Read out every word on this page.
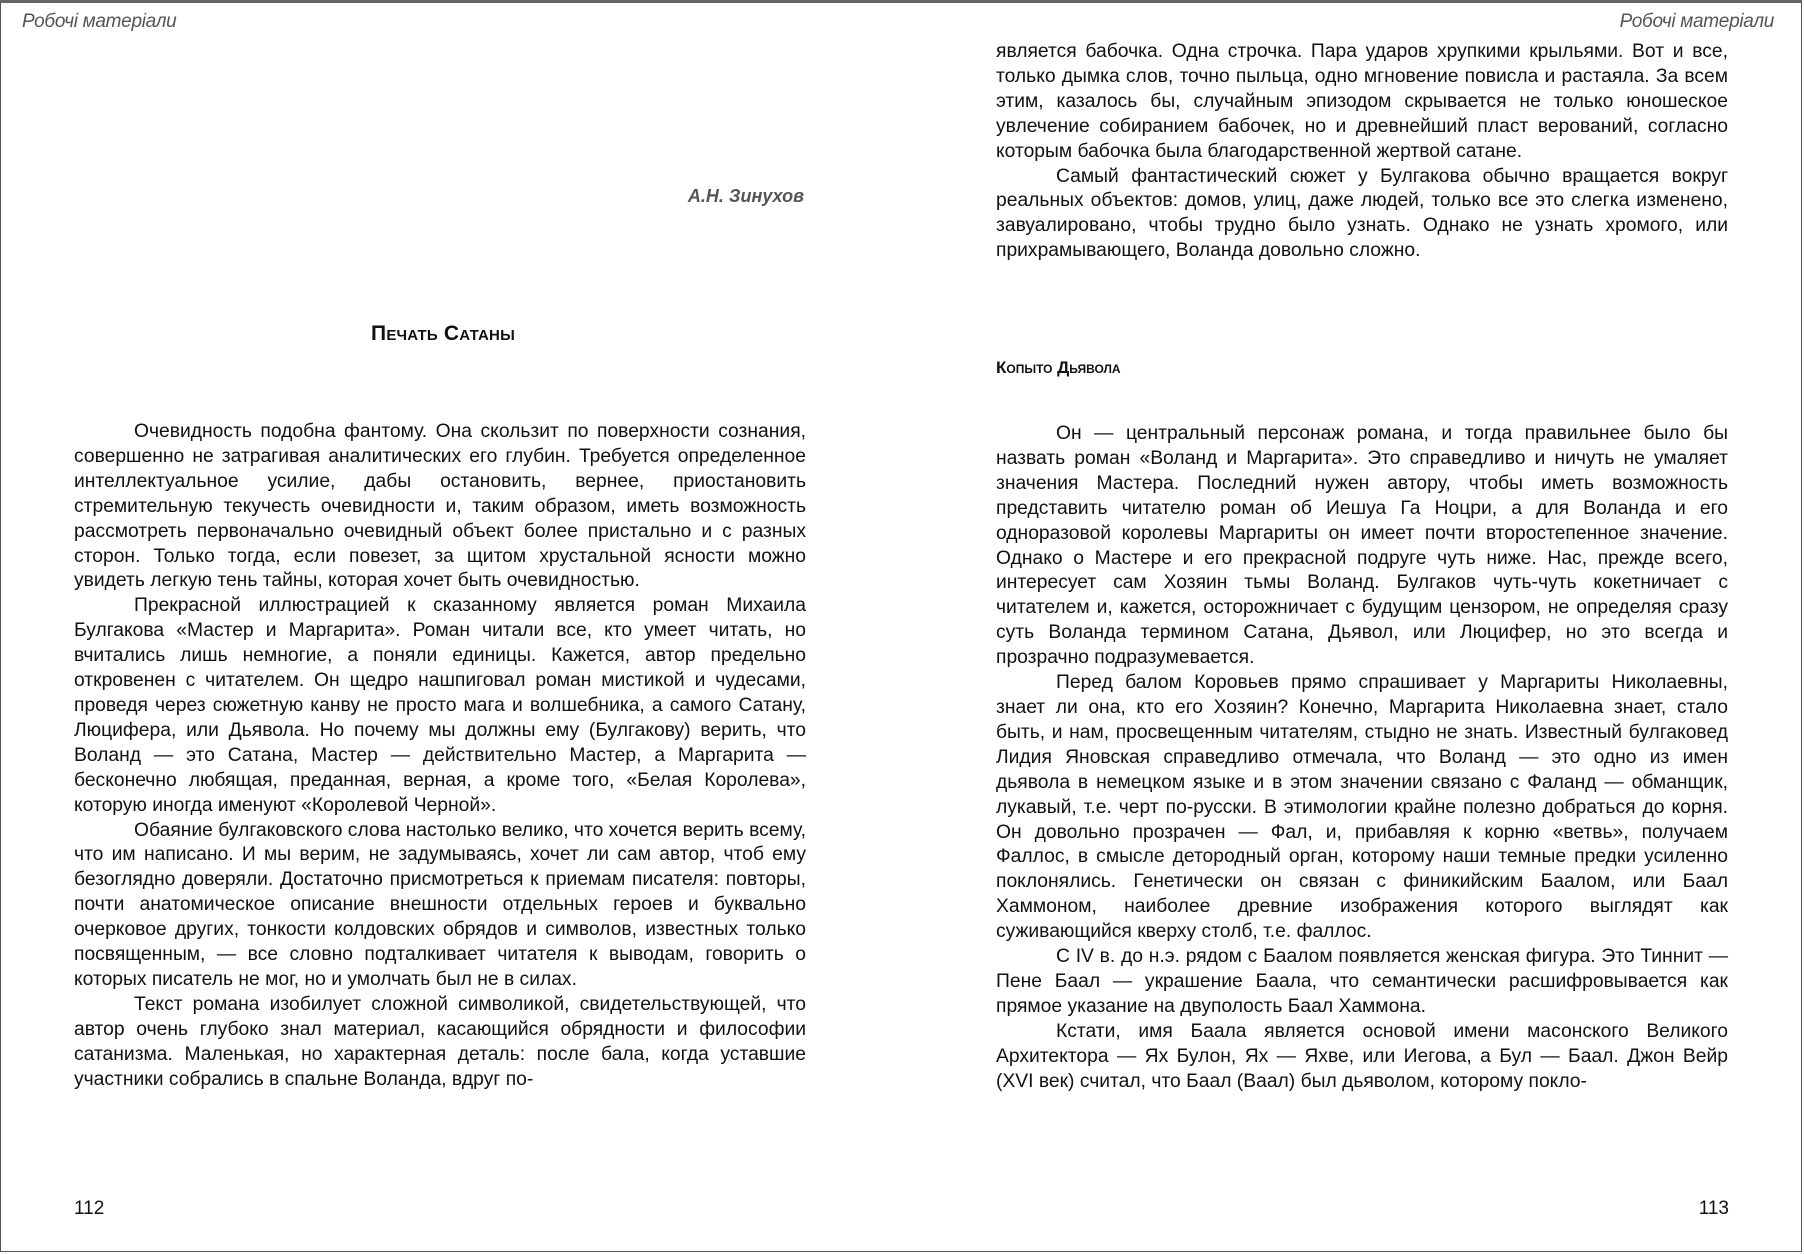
Робочі матеріали
А.Н. Зинухов
Печать Сатаны

Очевидность подобна фантому. Она скользит по поверхности сознания, совершенно не затрагивая аналитических его глубин. Требуется определенное интеллектуальное усилие, дабы остановить, вернее, приостановить стремительную текучесть очевидности и, таким образом, иметь возможность рассмотреть первоначально очевидный объект более пристально и с разных сторон. Только тогда, если повезет, за щитом хрустальной ясности можно увидеть легкую тень тайны, которая хочет быть очевидностью.

Прекрасной иллюстрацией к сказанному является роман Михаила Булгакова «Мастер и Маргарита». Роман читали все, кто умеет читать, но вчитались лишь немногие, а поняли единицы. Кажется, автор предельно откровенен с читателем. Он щедро нашпиговал роман мистикой и чудесами, проведя через сюжетную канву не просто мага и волшебника, а самого Сатану, Люцифера, или Дьявола. Но почему мы должны ему (Булгакову) верить, что Воланд — это Сатана, Мастер — действительно Мастер, а Маргарита — бесконечно любящая, преданная, верная, а кроме того, «Белая Королева», которую иногда именуют «Королевой Черной».

Обаяние булгаковского слова настолько велико, что хочется верить всему, что им написано. И мы верим, не задумываясь, хочет ли сам автор, чтоб ему безоглядно доверяли. Достаточно присмотреться к приемам писателя: повторы, почти анатомическое описание внешности отдельных героев и буквально очерковое других, тонкости колдовских обрядов и символов, известных только посвященным, — все словно подталкивает читателя к выводам, говорить о которых писатель не мог, но и умолчать был не в силах.

Текст романа изобилует сложной символикой, свидетельствующей, что автор очень глубоко знал материал, касающийся обрядности и философии сатанизма. Маленькая, но характерная деталь: после бала, когда уставшие участники собрались в спальне Воланда, вдруг по-

112
Робочі матеріали

является бабочка. Одна строчка. Пара ударов хрупкими крыльями. Вот и все, только дымка слов, точно пыльца, одно мгновение повисла и растаяла. За всем этим, казалось бы, случайным эпизодом скрывается не только юношеское увлечение собиранием бабочек, но и древнейший пласт верований, согласно которым бабочка была благодарственной жертвой сатане.

Самый фантастический сюжет у Булгакова обычно вращается вокруг реальных объектов: домов, улиц, даже людей, только все это слегка изменено, завуалировано, чтобы трудно было узнать. Однако не узнать хромого, или прихрамывающего, Воланда довольно сложно.

Копыто Дьявола

Он — центральный персонаж романа, и тогда правильнее было бы назвать роман «Воланд и Маргарита». Это справедливо и ничуть не умаляет значения Мастера. Последний нужен автору, чтобы иметь возможность представить читателю роман об Иешуа Га Ноцри, а для Воланда и его одноразовой королевы Маргариты он имеет почти второстепенное значение. Однако о Мастере и его прекрасной подруге чуть ниже. Нас, прежде всего, интересует сам Хозяин тьмы Воланд. Булгаков чуть-чуть кокетничает с читателем и, кажется, осторожничает с будущим цензором, не определяя сразу суть Воланда термином Сатана, Дьявол, или Люцифер, но это всегда и прозрачно подразумевается.

Перед балом Коровьев прямо спрашивает у Маргариты Николаевны, знает ли она, кто его Хозяин? Конечно, Маргарита Николаевна знает, стало быть, и нам, просвещенным читателям, стыдно не знать. Известный булгаковед Лидия Яновская справедливо отмечала, что Воланд — это одно из имен дьявола в немецком языке и в этом значении связано с Фаланд — обманщик, лукавый, т.е. черт по-русски. В этимологии крайне полезно добраться до корня. Он довольно прозрачен — Фал, и, прибавляя к корню «ветвь», получаем Фаллос, в смысле детородный орган, которому наши темные предки усиленно поклонялись. Генетически он связан с финикийским Баалом, или Баал Хаммоном, наиболее древние изображения которого выглядят как суживающийся кверху столб, т.е. фаллос.

С IV в. до н.э. рядом с Баалом появляется женская фигура. Это Тиннит — Пене Баал — украшение Баала, что семантически расшифровывается как прямое указание на двуполость Баал Хаммона.

Кстати, имя Баала является основой имени масонского Великого Архитектора — Ях Булон, Ях — Яхве, или Иегова, а Бул — Баал. Джон Вейр (XVI век) считал, что Баал (Ваал) был дьяволом, которому покло-

113
